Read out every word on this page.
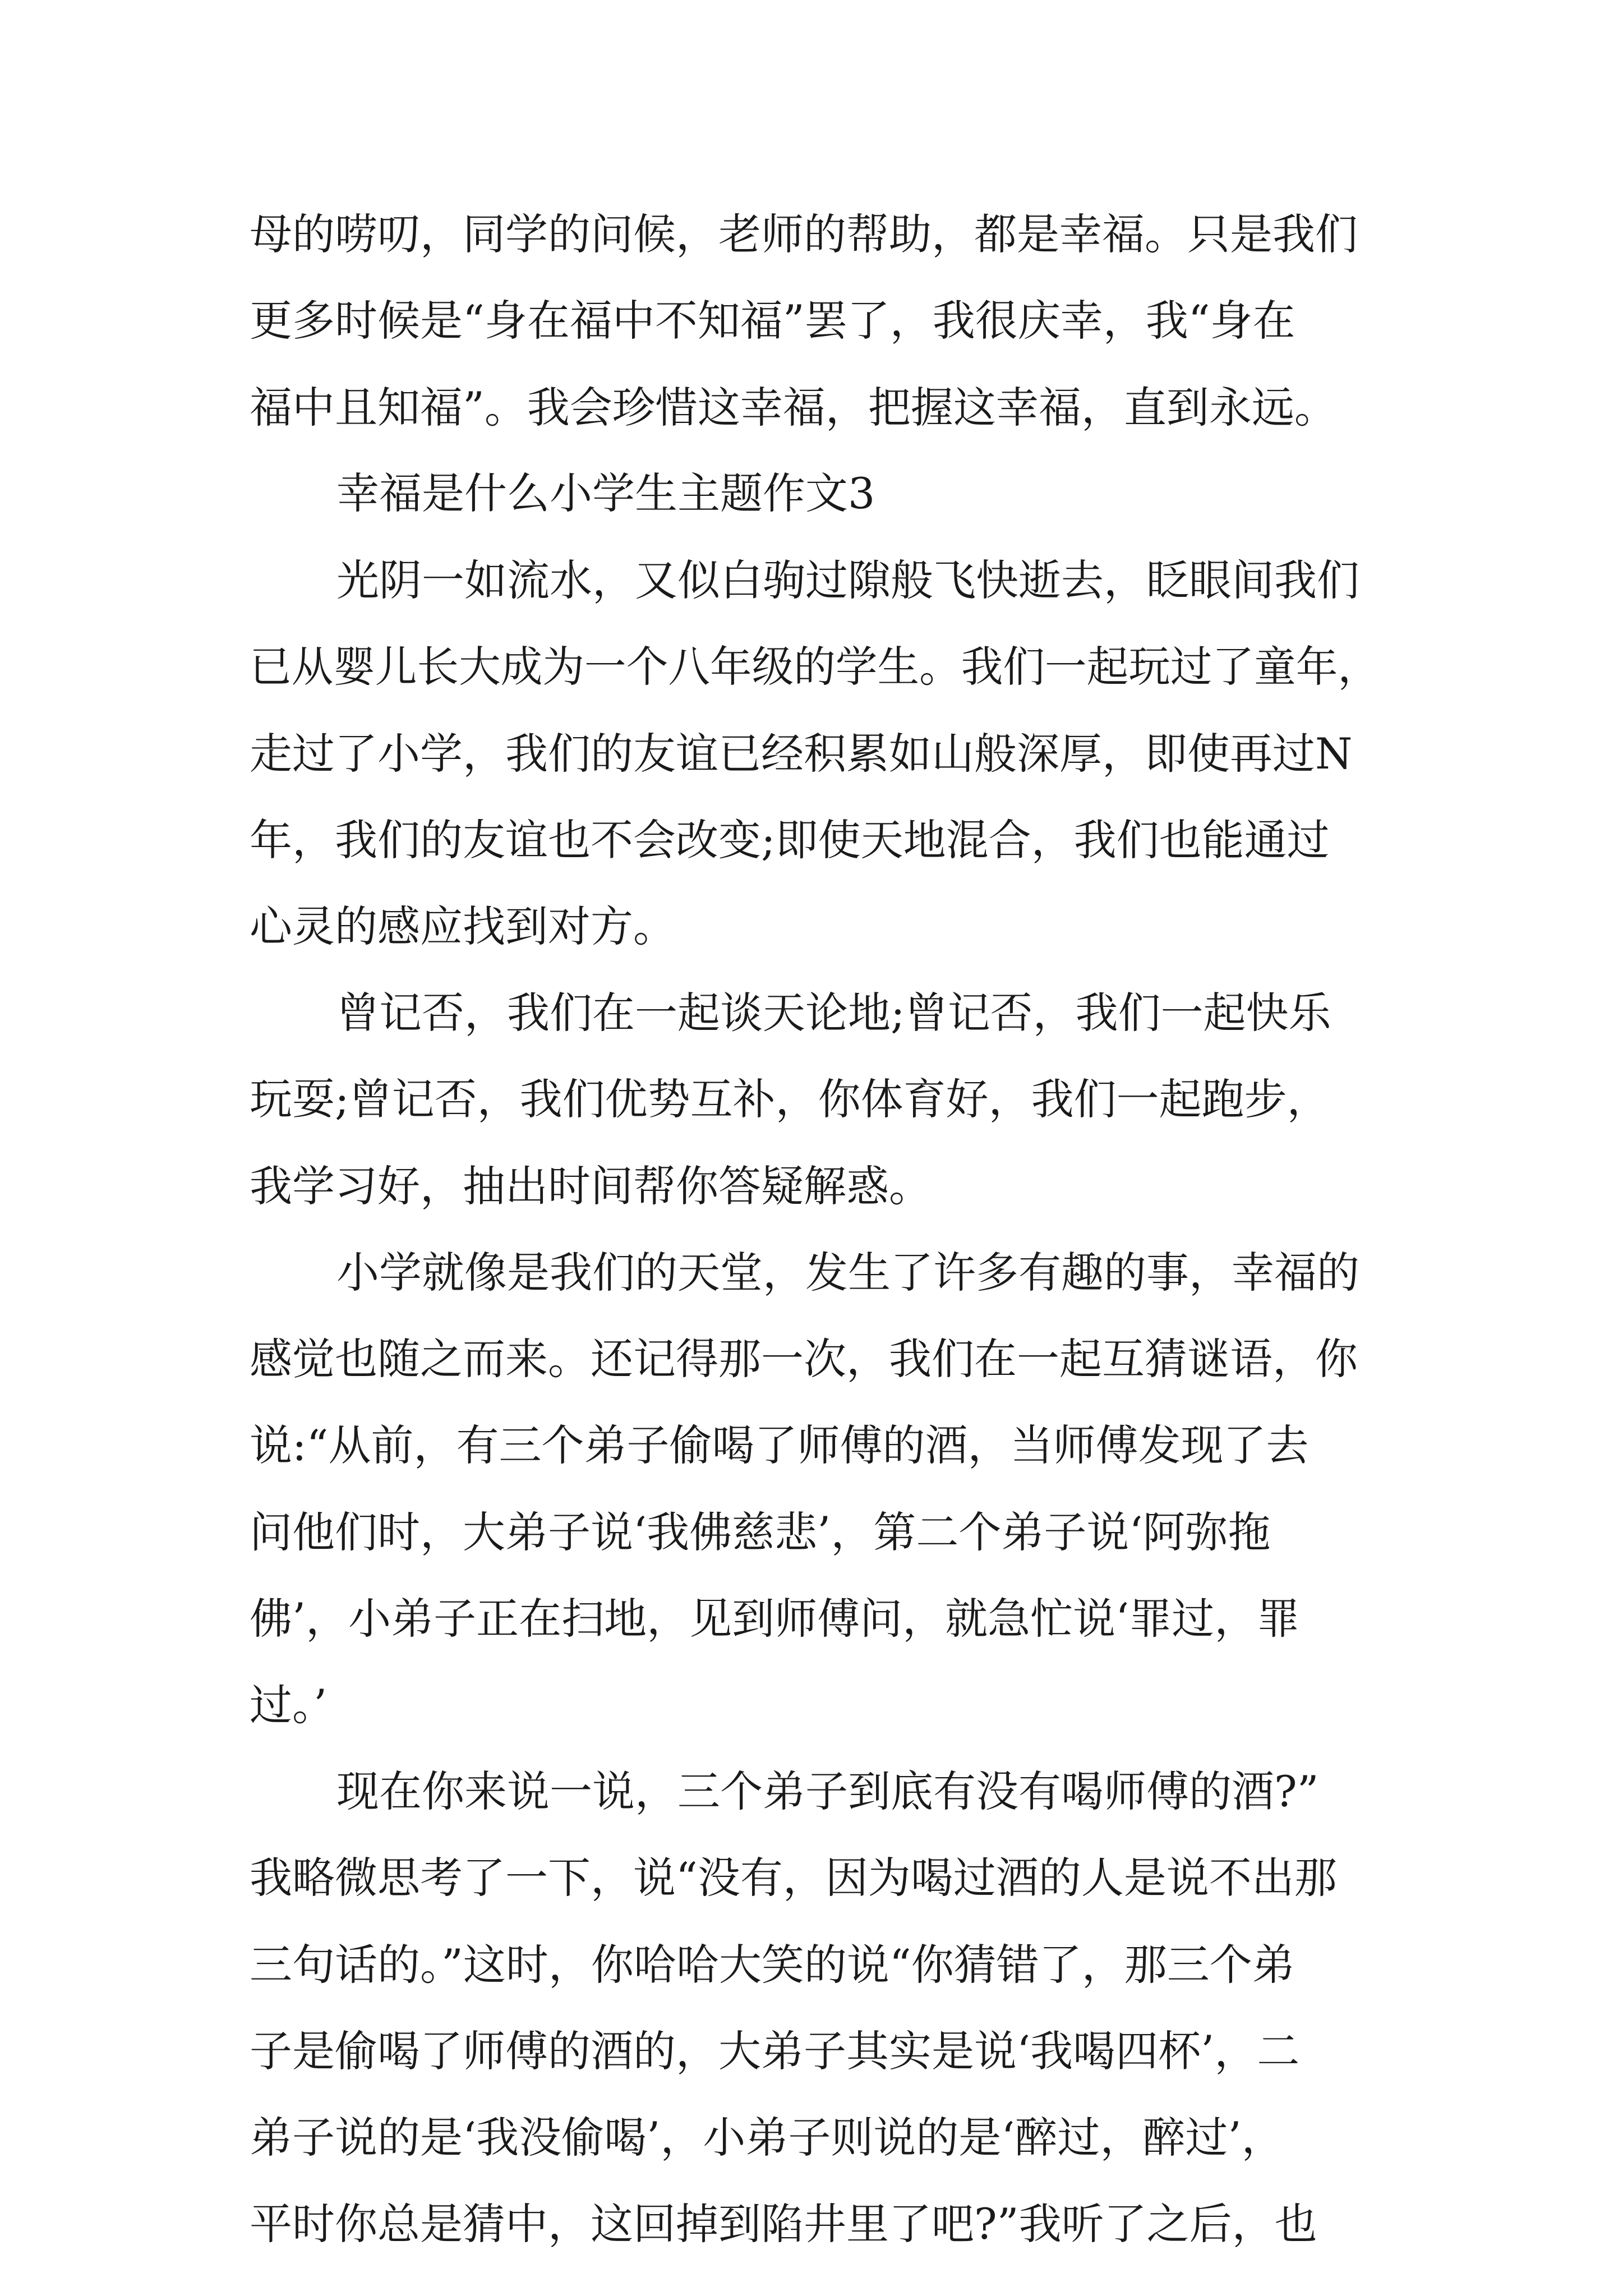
母的唠叨，同学的问候，老师的帮助，都是幸福。只是我们
更多时候是“身在福中不知福”罢了，我很庆幸，我“身在
福中且知福”。我会珍惜这幸福，把握这幸福，直到永远。
幸福是什么小学生主题作文3
光阴一如流水，又似白驹过隙般飞快逝去，眨眼间我们
已从婴儿长大成为一个八年级的学生。我们一起玩过了童年，
走过了小学，我们的友谊已经积累如山般深厚，即使再过N
年，我们的友谊也不会改变;即使天地混合，我们也能通过
心灵的感应找到对方。
曾记否，我们在一起谈天论地;曾记否，我们一起快乐
玩耍;曾记否，我们优势互补，你体育好，我们一起跑步，
我学习好，抽出时间帮你答疑解惑。
小学就像是我们的天堂，发生了许多有趣的事，幸福的
感觉也随之而来。还记得那一次，我们在一起互猜谜语，你
说:“从前，有三个弟子偷喝了师傅的酒，当师傅发现了去
问他们时，大弟子说‘我佛慈悲’，第二个弟子说‘阿弥拖
佛’，小弟子正在扫地，见到师傅问，就急忙说‘罪过，罪
过。’
现在你来说一说，三个弟子到底有没有喝师傅的酒?”
我略微思考了一下，说“没有，因为喝过酒的人是说不出那
三句话的。”这时，你哈哈大笑的说“你猜错了，那三个弟
子是偷喝了师傅的酒的，大弟子其实是说‘我喝四杯’，二
弟子说的是‘我没偷喝’，小弟子则说的是‘醉过，醉过’，
平时你总是猜中，这回掉到陷井里了吧?”我听了之后，也
